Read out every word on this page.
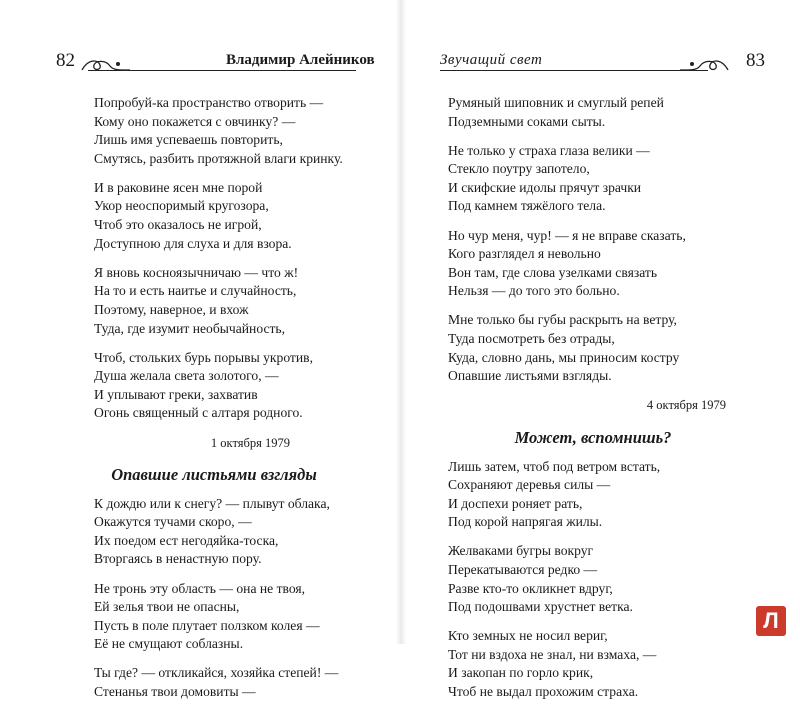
82	Владимир Алейников
Попробуй-ка пространство отворить —
Кому оно покажется с овчинку? —
Лишь имя успеваешь повторить,
Смутясь, разбить протяжной влаги кринку.
И в раковине ясен мне порой
Укор неоспоримый кругозора,
Чтоб это оказалось не игрой,
Доступною для слуха и для взора.
Я вновь косноязычничаю — что ж!
На то и есть наитье и случайность,
Поэтому, наверное, и вхож
Туда, где изумит необычайность,
Чтоб, стольких бурь порывы укротив,
Душа желала света золотого, —
И уплывают греки, захватив
Огонь священный с алтаря родного.
1 октября 1979
Опавшие листьями взгляды
К дождю или к снегу? — плывут облака,
Окажутся тучами скоро, —
Их поедом ест негодяйка-тоска,
Вторгаясь в ненастную пору.
Не тронь эту область — она не твоя,
Ей зелья твои не опасны,
Пусть в поле плутает ползком колея —
Её не смущают соблазны.
Ты где? — откликайся, хозяйка степей! —
Стенанья твои домовиты —
Звучащий свет	83
Румяный шиповник и смуглый репей
Подземными соками сыты.
Не только у страха глаза велики —
Стекло поутру запотело,
И скифские идолы прячут зрачки
Под камнем тяжёлого тела.
Но чур меня, чур! — я не вправе сказать,
Кого разглядел я невольно
Вон там, где слова узелками связать
Нельзя — до того это больно.
Мне только бы губы раскрыть на ветру,
Туда посмотреть без отрады,
Куда, словно дань, мы приносим костру
Опавшие листьями взгляды.
4 октября 1979
Может, вспомнишь?
Лишь затем, чтоб под ветром встать,
Сохраняют деревья силы —
И доспехи роняет рать,
Под корой напрягая жилы.
Желваками бугры вокруг
Перекатываются редко —
Разве кто-то окликнет вдруг,
Под подошвами хрустнет ветка.
Кто земных не носил вериг,
Тот ни вздоха не знал, ни взмаха, —
И закопан по горло крик,
Чтоб не выдал прохожим страха.
Л
